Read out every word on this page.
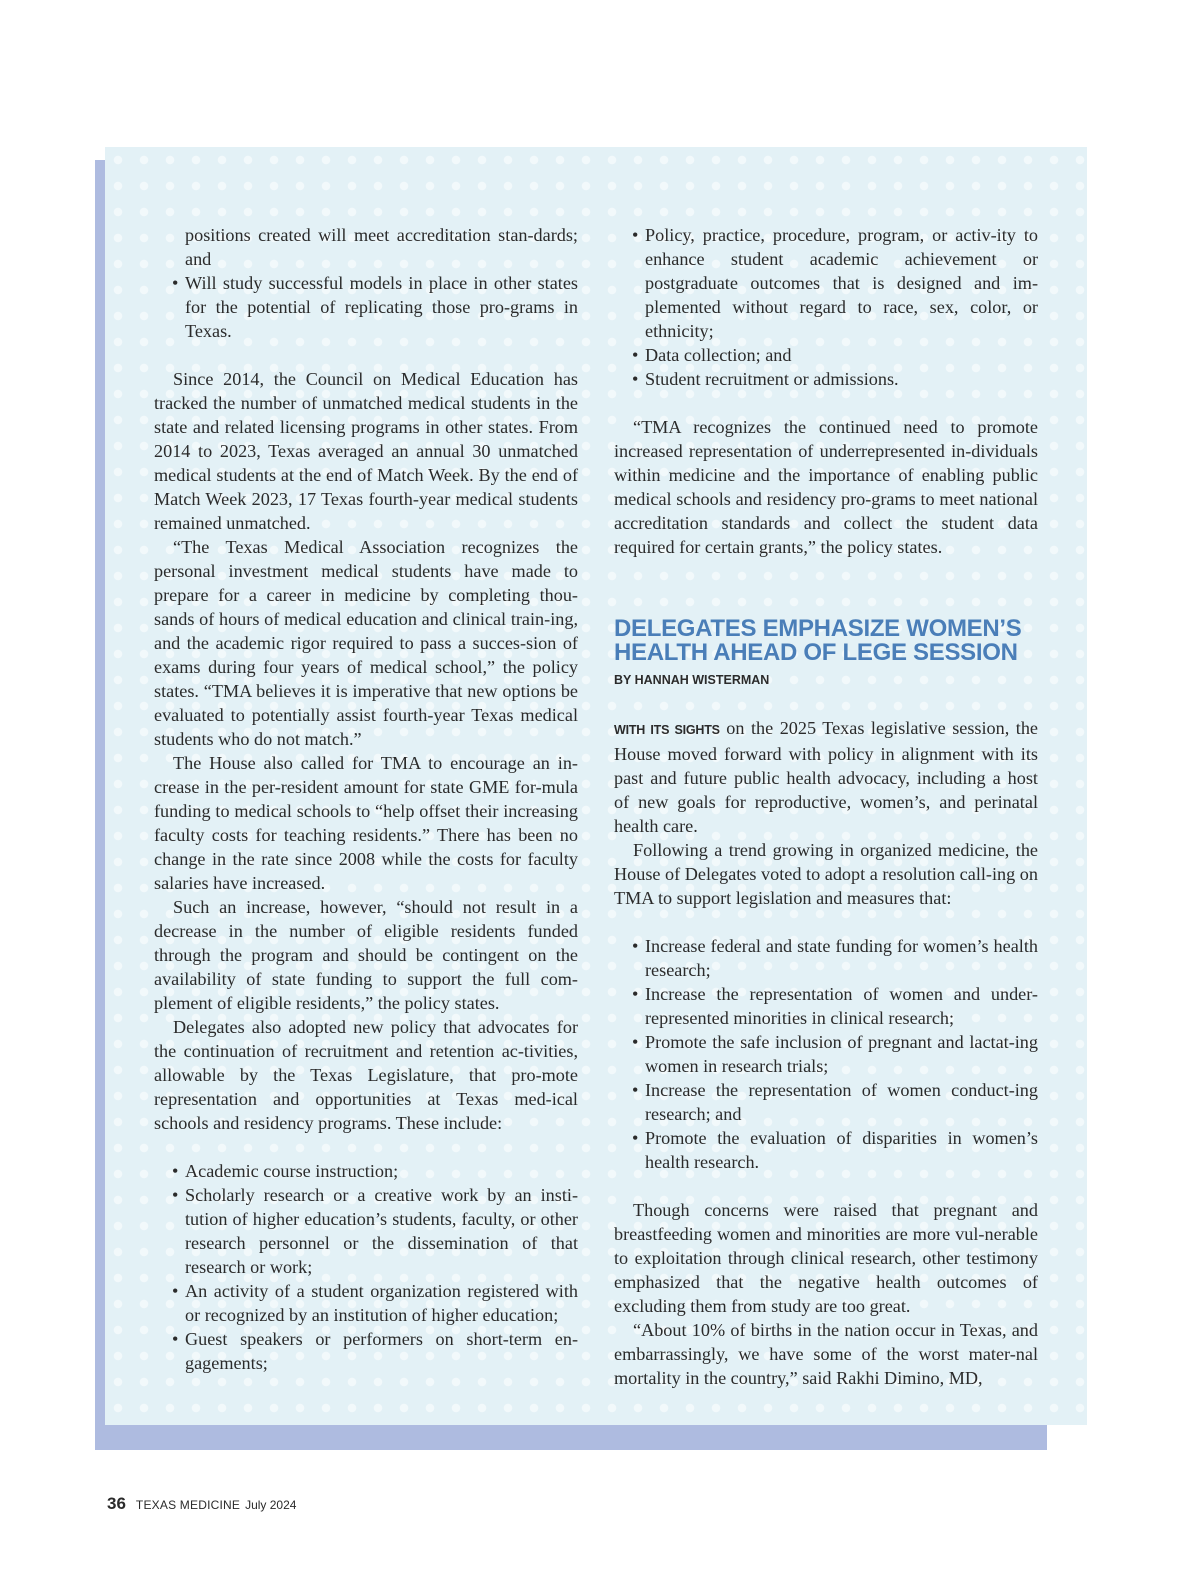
positions created will meet accreditation stan-dards; and
• Will study successful models in place in other states for the potential of replicating those pro-grams in Texas.

Since 2014, the Council on Medical Education has tracked the number of unmatched medical students in the state and related licensing programs in other states. From 2014 to 2023, Texas averaged an annual 30 unmatched medical students at the end of Match Week. By the end of Match Week 2023, 17 Texas fourth-year medical students remained unmatched.

“The Texas Medical Association recognizes the personal investment medical students have made to prepare for a career in medicine by completing thou-sands of hours of medical education and clinical train-ing, and the academic rigor required to pass a succes-sion of exams during four years of medical school,” the policy states. “TMA believes it is imperative that new options be evaluated to potentially assist fourth-year Texas medical students who do not match.”

The House also called for TMA to encourage an in-crease in the per-resident amount for state GME for-mula funding to medical schools to “help offset their increasing faculty costs for teaching residents.” There has been no change in the rate since 2008 while the costs for faculty salaries have increased.

Such an increase, however, “should not result in a decrease in the number of eligible residents funded through the program and should be contingent on the availability of state funding to support the full com-plement of eligible residents,” the policy states.

Delegates also adopted new policy that advocates for the continuation of recruitment and retention ac-tivities, allowable by the Texas Legislature, that pro-mote representation and opportunities at Texas med-ical schools and residency programs. These include:

• Academic course instruction;
• Scholarly research or a creative work by an insti-tution of higher education’s students, faculty, or other research personnel or the dissemination of that research or work;
• An activity of a student organization registered with or recognized by an institution of higher education;
• Guest speakers or performers on short-term en-gagements;
• Policy, practice, procedure, program, or activ-ity to enhance student academic achievement or postgraduate outcomes that is designed and im-plemented without regard to race, sex, color, or ethnicity;
• Data collection; and
• Student recruitment or admissions.

“TMA recognizes the continued need to promote increased representation of underrepresented in-dividuals within medicine and the importance of enabling public medical schools and residency pro-grams to meet national accreditation standards and collect the student data required for certain grants,” the policy states.

DELEGATES EMPHASIZE WOMEN’S
HEALTH AHEAD OF LEGE SESSION

BY HANNAH WISTERMAN

WITH ITS SIGHTS on the 2025 Texas legislative session, the House moved forward with policy in alignment with its past and future public health advocacy, including a host of new goals for reproductive, women’s, and perinatal health care.

Following a trend growing in organized medicine, the House of Delegates voted to adopt a resolution call-ing on TMA to support legislation and measures that:

• Increase federal and state funding for women’s health research;
• Increase the representation of women and under-represented minorities in clinical research;
• Promote the safe inclusion of pregnant and lactat-ing women in research trials;
• Increase the representation of women conduct-ing research; and
• Promote the evaluation of disparities in women’s health research.

Though concerns were raised that pregnant and breastfeeding women and minorities are more vul-nerable to exploitation through clinical research, other testimony emphasized that the negative health outcomes of excluding them from study are too great.

“About 10% of births in the nation occur in Texas, and embarrassingly, we have some of the worst mater-nal mortality in the country,” said Rakhi Dimino, MD,

36 TEXAS MEDICINE July 2024
